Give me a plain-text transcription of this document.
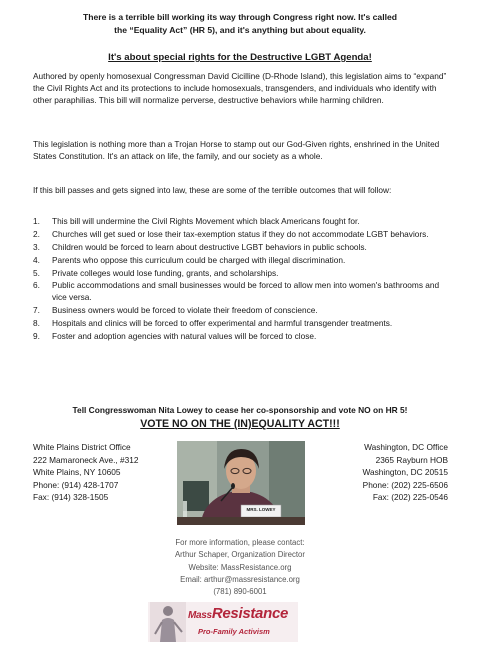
There is a terrible bill working its way through Congress right now. It's called
the “Equality Act” (HR 5), and it's anything but about equality.
It's about special rights for the Destructive LGBT Agenda!
Authored by openly homosexual Congressman David Cicilline (D-Rhode Island), this legislation aims to “expand” the Civil Rights Act and its protections to include homosexuals, transgenders, and individuals who identify with other paraphilias. This bill will normalize perverse, destructive behaviors while harming children.
This legislation is nothing more than a Trojan Horse to stamp out our God-Given rights, enshrined in the United States Constitution. It's an attack on life, the family, and our society as a whole.
If this bill passes and gets signed into law, these are some of the terrible outcomes that will follow:
1. This bill will undermine the Civil Rights Movement which black Americans fought for.
2. Churches will get sued or lose their tax-exemption status if they do not accommodate LGBT behaviors.
3. Children would be forced to learn about destructive LGBT behaviors in public schools.
4. Parents who oppose this curriculum could be charged with illegal discrimination.
5. Private colleges would lose funding, grants, and scholarships.
6. Public accommodations and small businesses would be forced to allow men into women's bathrooms and vice versa.
7. Business owners would be forced to violate their freedom of conscience.
8. Hospitals and clinics will be forced to offer experimental and harmful transgender treatments.
9. Foster and adoption agencies with natural values will be forced to close.
Tell Congresswoman Nita Lowey to cease her co-sponsorship and vote NO on HR 5!
VOTE NO ON THE (IN)EQUALITY ACT!!!
White Plains District Office
222 Mamaroneck Ave., #312
White Plains, NY 10605
Phone: (914) 428-1707
Fax: (914) 328-1505
MRS. LOWEY
Washington, DC Office
2365 Rayburn HOB
Washington, DC 20515
Phone: (202) 225-6506
Fax: (202) 225-0546
For more information, please contact:
Arthur Schaper, Organization Director
Website: MassResistance.org
Email: arthur@massresistance.org
(781) 890-6001
MassResistance
Pro-Family Activism
